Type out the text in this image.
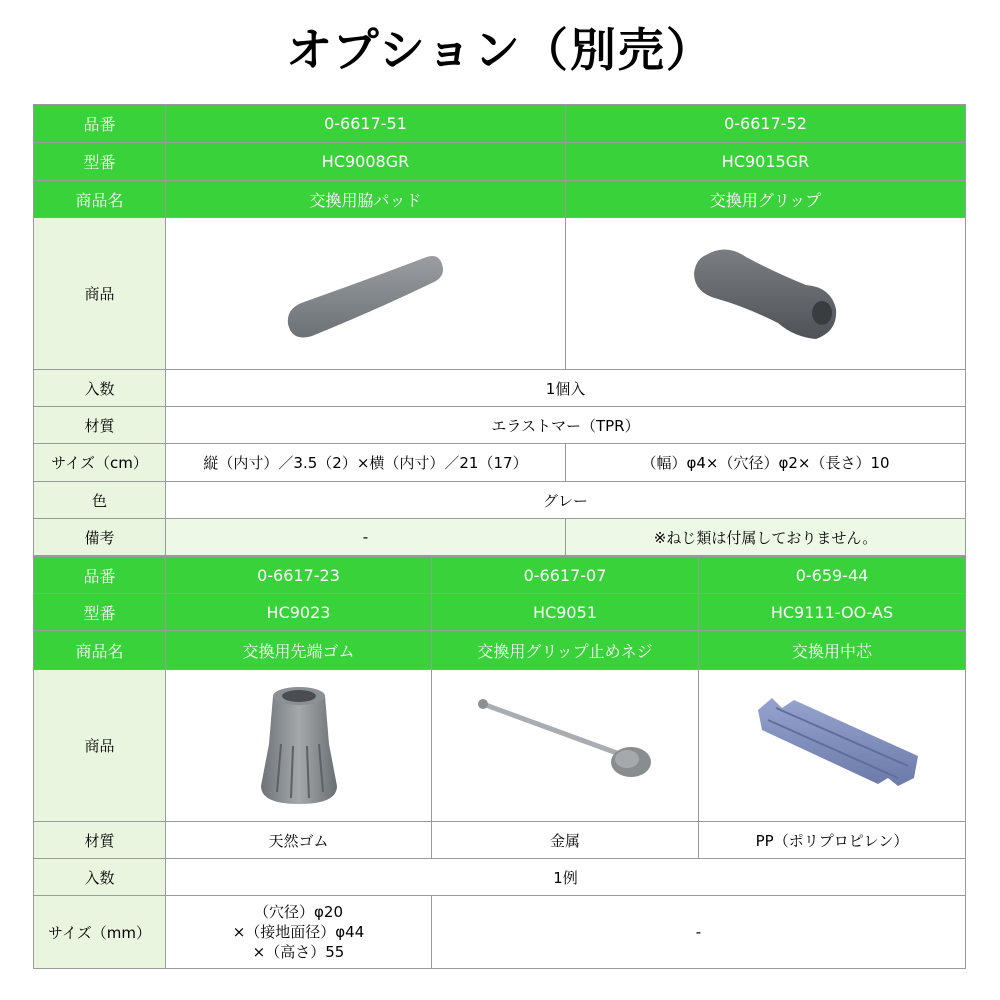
オプション（別売）
品番	0-6617-51	0-6617-52
型番	HC9008GR	HC9015GR
商品名	交換用脇パッド	交換用グリップ
商品		
入数	1個入	
材質	エラストマー（TPR）	
サイズ（cm）	縦（内寸）／3.5（2）×横（内寸）／21（17）	（幅）φ4×（穴径）φ2×（長さ）10
色	グレー	
備考	-	※ねじ類は付属しておりません。
品番	0-6617-23	0-6617-07	0-659-44
型番	HC9023	HC9051	HC9111-OO-AS
商品名	交換用先端ゴム	交換用グリップ止めネジ	交換用中芯
商品			
材質	天然ゴム	金属	PP（ポリプロピレン）
入数	1例		
サイズ（mm）	（穴径）φ20
×（接地面径）φ44
×（高さ）55	-	
